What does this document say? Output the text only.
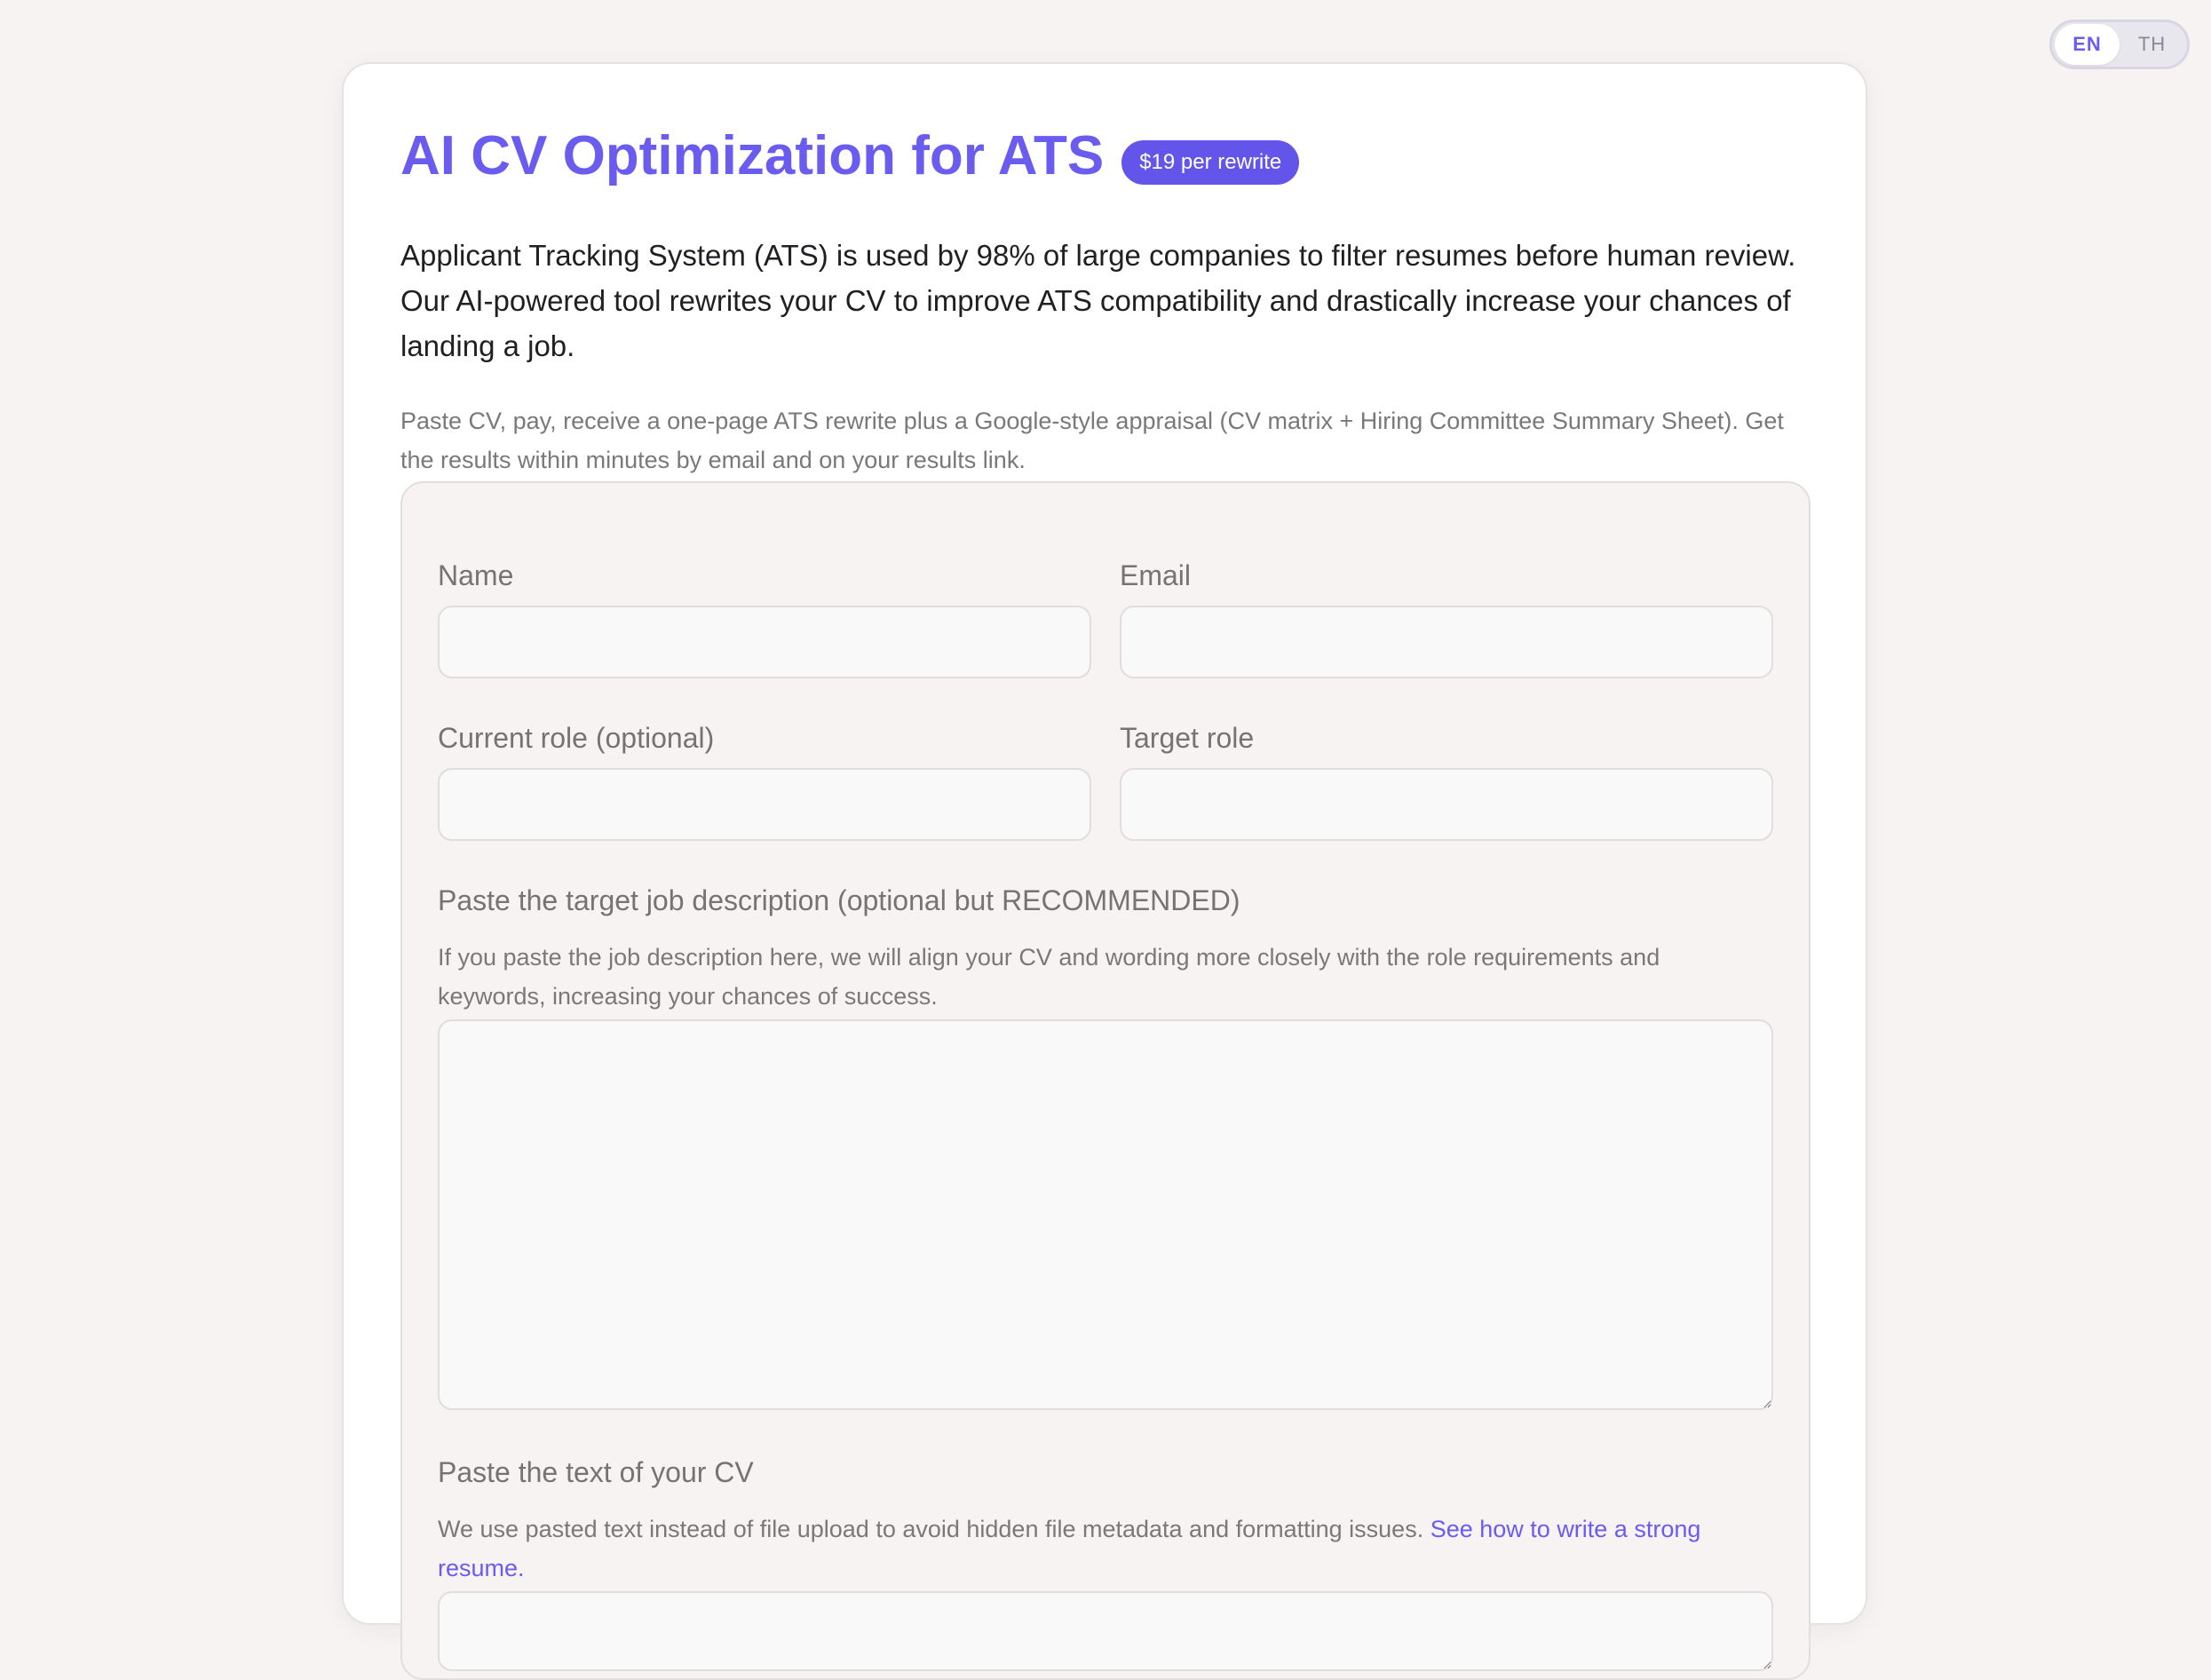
EN	TH
AI CV Optimization for ATS	$19 per rewrite

Applicant Tracking System (ATS) is used by 98% of large companies to filter resumes before human review. Our AI-powered tool rewrites your CV to improve ATS compatibility and drastically increase your chances of landing a job.

Paste CV, pay, receive a one-page ATS rewrite plus a Google-style appraisal (CV matrix + Hiring Committee Summary Sheet). Get the results within minutes by email and on your results link.

Name	Email
Current role (optional)	Target role
Paste the target job description (optional but RECOMMENDED)
If you paste the job description here, we will align your CV and wording more closely with the role requirements and keywords, increasing your chances of success.
Paste the text of your CV
We use pasted text instead of file upload to avoid hidden file metadata and formatting issues. See how to write a strong resume.
